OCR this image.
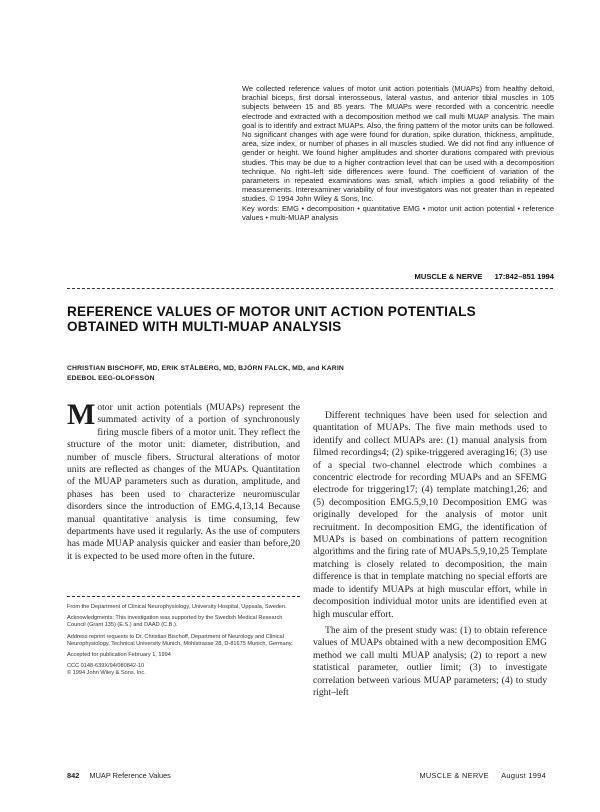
We collected reference values of motor unit action potentials (MUAPs) from healthy deltoid, brachial biceps, first dorsal interosseous, lateral vastus, and anterior tibial muscles in 105 subjects between 15 and 85 years. The MUAPs were recorded with a concentric needle electrode and extracted with a decomposition method we call multi MUAP analysis. The main goal is to identify and extract MUAPs. Also, the firing pattern of the motor units can be followed. No significant changes with age were found for duration, spike duration, thickness, amplitude, area, size index, or number of phases in all muscles studied. We did not find any influence of gender or height. We found higher amplitudes and shorter durations compared with previous studies. This may be due to a higher contraction level that can be used with a decomposition technique. No right–left side differences were found. The coefficient of variation of the parameters in repeated examinations was small, which implies a good reliability of the measurements. Interexaminer variability of four investigators was not greater than in repeated studies. © 1994 John Wiley & Sons, Inc.

Key words: EMG • decomposition • quantitative EMG • motor unit action potential • reference values • multi-MUAP analysis

MUSCLE & NERVE 17:842–851 1994
REFERENCE VALUES OF MOTOR UNIT ACTION POTENTIALS OBTAINED WITH MULTI-MUAP ANALYSIS
CHRISTIAN BISCHOFF, MD, ERIK STÅLBERG, MD, BJÖRN FALCK, MD, and KARIN EDEBOL EEG-OLOFSSON

Motor unit action potentials (MUAPs) represent the summated activity of a portion of synchronously firing muscle fibers of a motor unit. They reflect the structure of the motor unit: diameter, distribution, and number of muscle fibers. Structural alterations of motor units are reflected as changes of the MUAPs. Quantitation of the MUAP parameters such as duration, amplitude, and phases has been used to characterize neuromuscular disorders since the introduction of EMG.4,13,14 Because manual quantitative analysis is time consuming, few departments have used it regularly. As the use of computers has made MUAP analysis quicker and easier than before,20 it is expected to be used more often in the future.

Different techniques have been used for selection and quantitation of MUAPs. The five main methods used to identify and collect MUAPs are: (1) manual analysis from filmed recordings4; (2) spike-triggered averaging16; (3) use of a special two-channel electrode which combines a concentric electrode for recording MUAPs and an SFEMG electrode for triggering17; (4) template matching1,26; and (5) decomposition EMG.5,9,10 Decomposition EMG was originally developed for the analysis of motor unit recruitment. In decomposition EMG, the identification of MUAPs is based on combinations of pattern recognition algorithms and the firing rate of MUAPs.5,9,10,25 Template matching is closely related to decomposition, the main difference is that in template matching no special efforts are made to identify MUAPs at high muscular effort, while in decomposition individual motor units are identified even at high muscular effort.

The aim of the present study was: (1) to obtain reference values of MUAPs obtained with a new decomposition EMG method we call multi MUAP analysis; (2) to report a new statistical parameter, outlier limit; (3) to investigate correlation between various MUAP parameters; (4) to study right–left

From the Department of Clinical Neurophysiology, University Hospital, Uppsala, Sweden.

Acknowledgments: This investigation was supported by the Swedish Medical Research Council (Grant 135) (E.S.) and DAAD (C.B.).

Address reprint requests to Dr. Christian Bischoff, Department of Neurology and Clinical Neurophysiology, Technical University Munich, Möhlstrasse 28, D-81675 Munich, Germany.

Accepted for publication February 1, 1994

CCC 0148-639X/94/080842-10

© 1994 John Wiley & Sons, Inc.

842 MUAP Reference Values	MUSCLE & NERVE August 1994
